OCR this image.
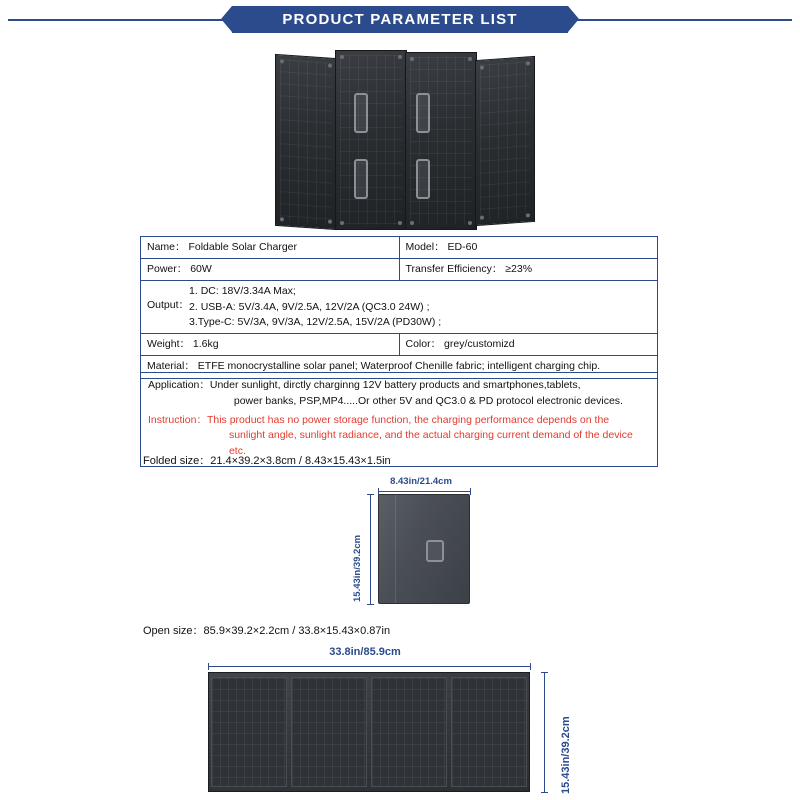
PRODUCT PARAMETER LIST
Name： Foldable Solar Charger	Model： ED-60
Power： 60W	Transfer Efficiency： ≥23%

Output：
1. DC: 18V/3.34A Max;
2. USB-A: 5V/3.4A, 9V/2.5A, 12V/2A (QC3.0 24W) ;
3.Type-C: 5V/3A, 9V/3A, 12V/2.5A, 15V/2A (PD30W) ;	

Weight： 1.6kg	Color： grey/customizd
Material： ETFE monocrystalline solar panel; Waterproof Chenille fabric; intelligent charging chip.	
Application： Under sunlight, dirctly charginng 12V battery products and smartphones,tablets,
power banks, PSP,MP4.....Or other 5V and QC3.0 & PD protocol electronic devices.
Instruction： This product has no power storage function, the charging performance depends on the
sunlight angle, sunlight radiance, and the actual charging current demand of the device etc.
Folded size：21.4×39.2×3.8cm / 8.43×15.43×1.5in
8.43in/21.4cm
15.43in/39.2cm
Open size：85.9×39.2×2.2cm / 33.8×15.43×0.87in
33.8in/85.9cm
15.43in/39.2cm
